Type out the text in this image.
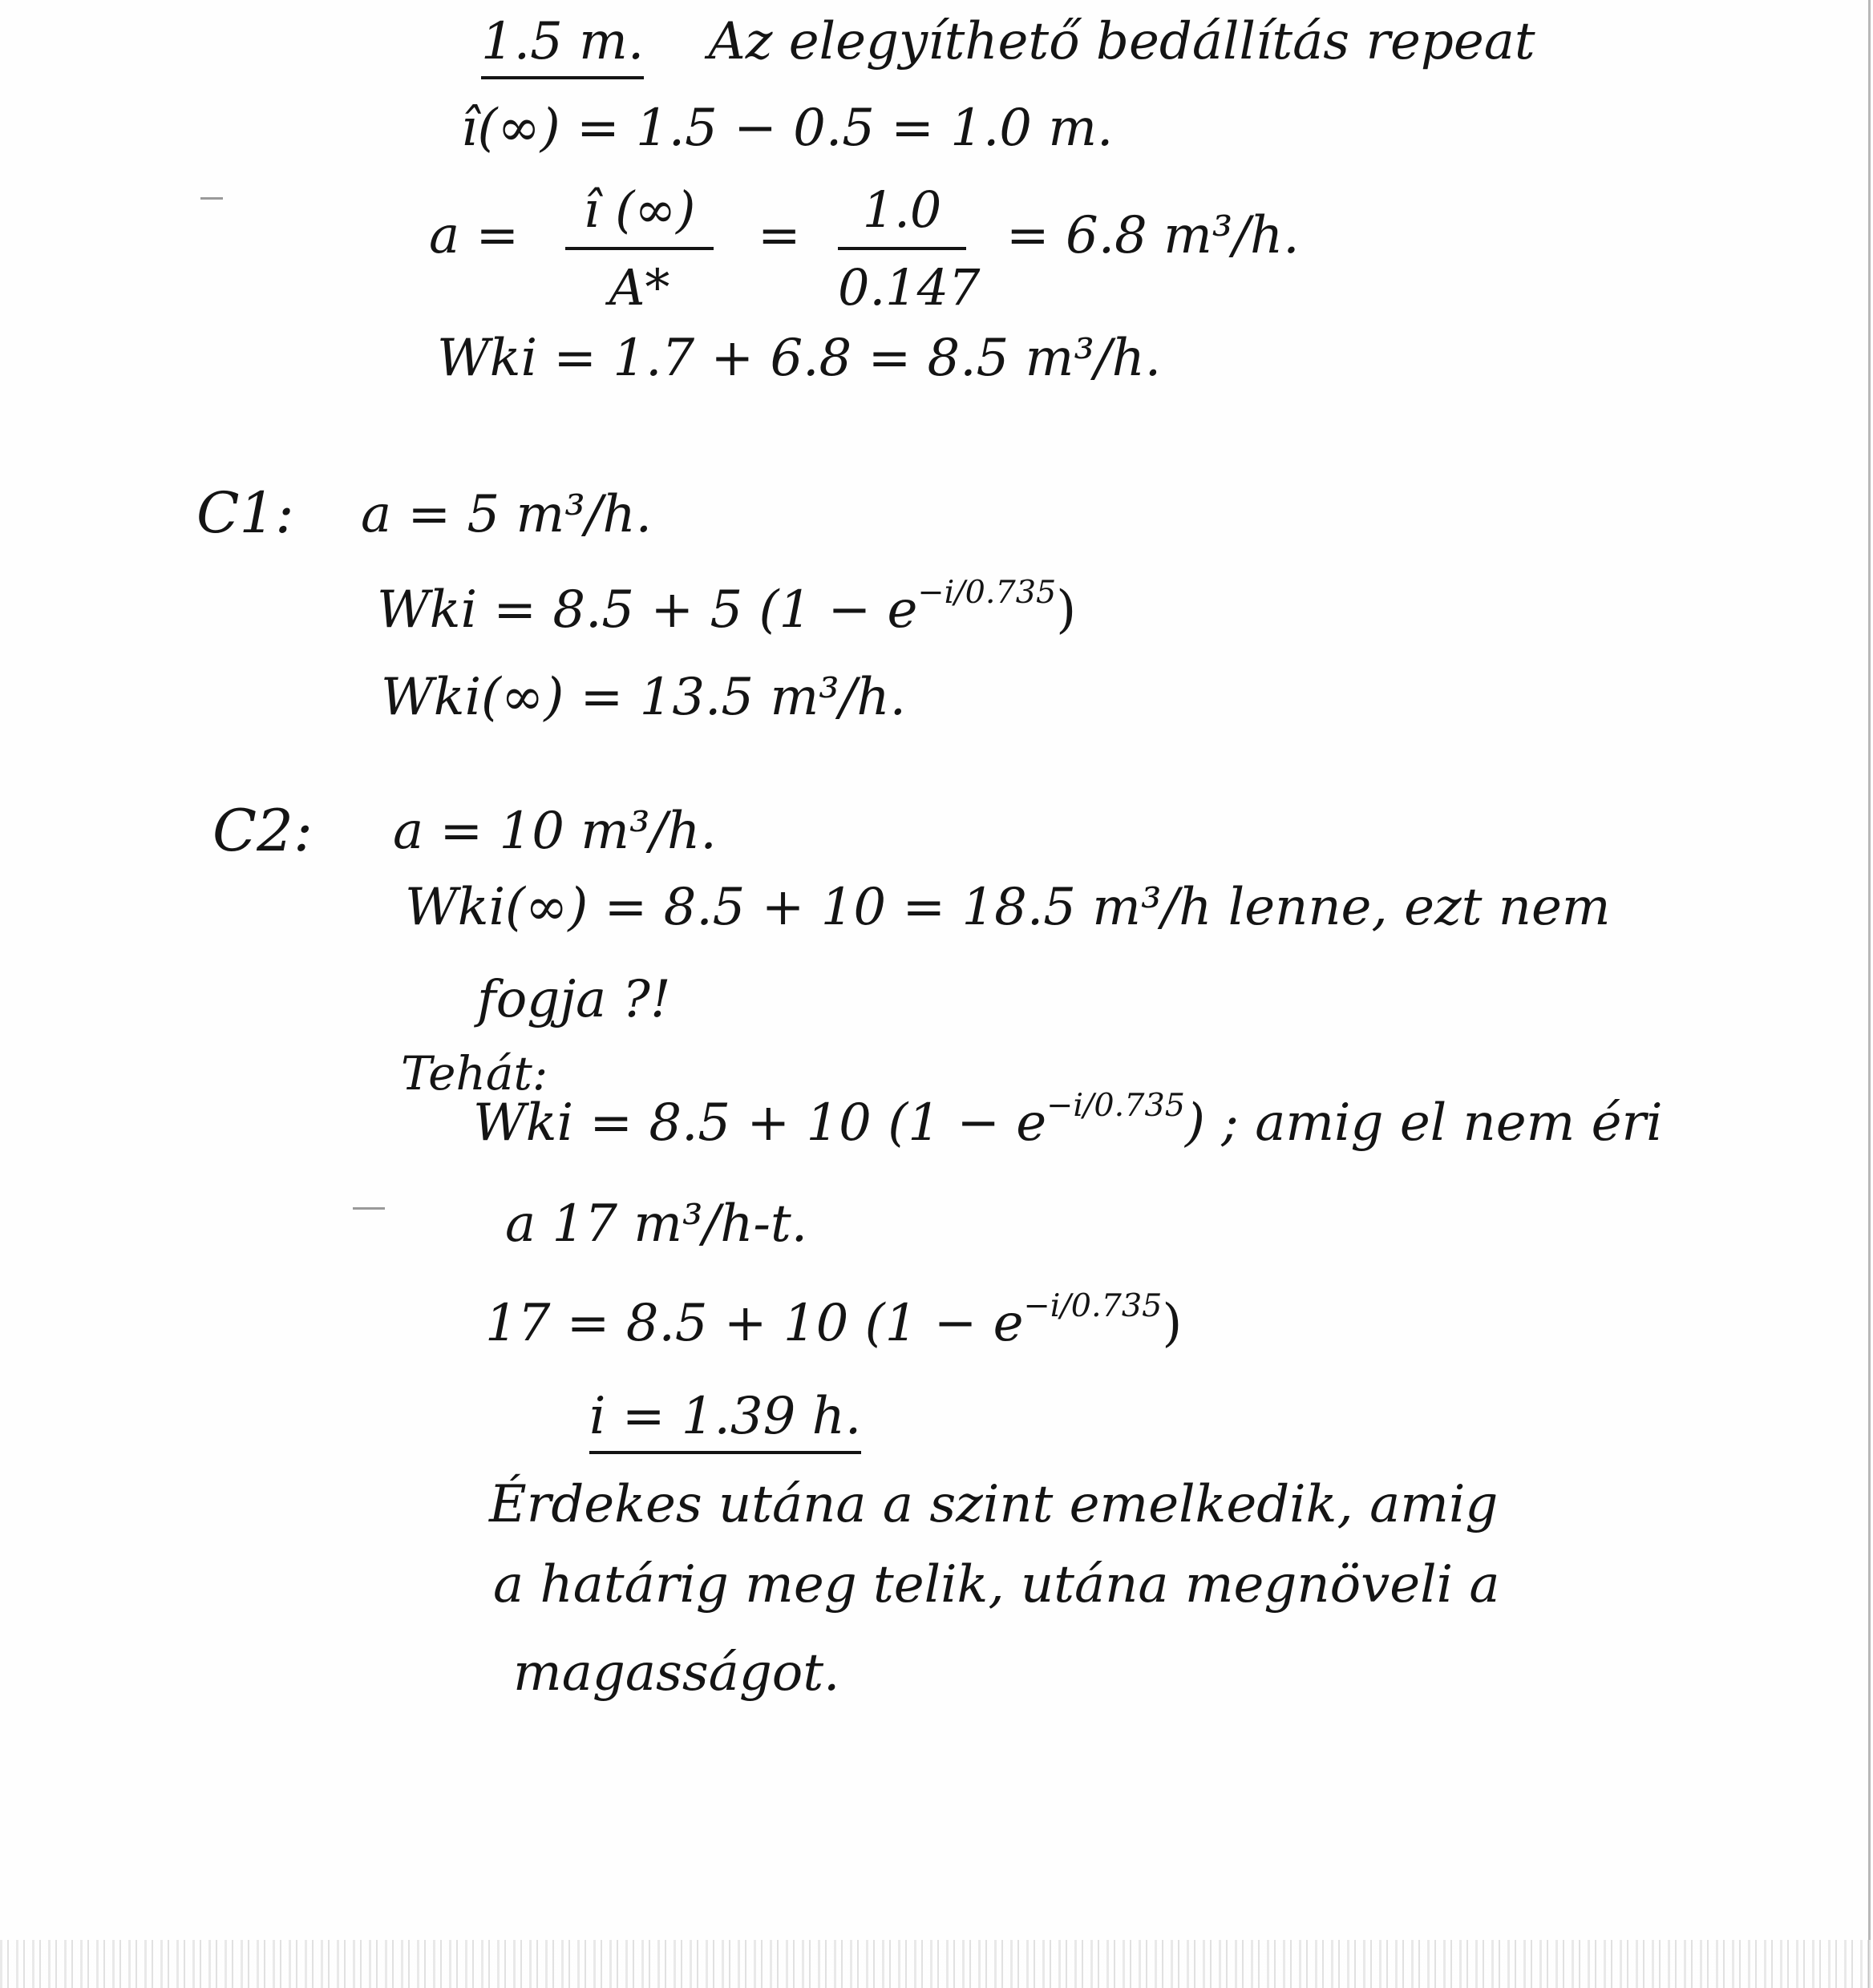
1.5 m. Az elegyíthető bedállítás repeat
î(∞) = 1.5 − 0.5 = 1.0 m.
a =	î (∞)
A*
=	1.0
0.147
= 6.8 m³/h.
Wki = 1.7 + 6.8 = 8.5 m³/h.
C1: a = 5 m³/h.
Wki = 8.5 + 5 $(1 - e^{-i/0.735})$
Wki(∞) = 13.5 m³/h.
C2: a = 10 m³/h.
Wki(∞) = 8.5 + 10 = 18.5 m³/h lenne, ezt nem
fogja ?!
Tehát:
Wki = 8.5 + 10 $(1 - e^{-i/0.735})$ ; amig el nem éri
a 17 m³/h-t.
17 = 8.5 + 10 $(1 - e^{-i/0.735})$
i = 1.39 h.
Érdekes utána a szint emelkedik, amig
a határig meg telik, utána megnöveli a
magasságot.
